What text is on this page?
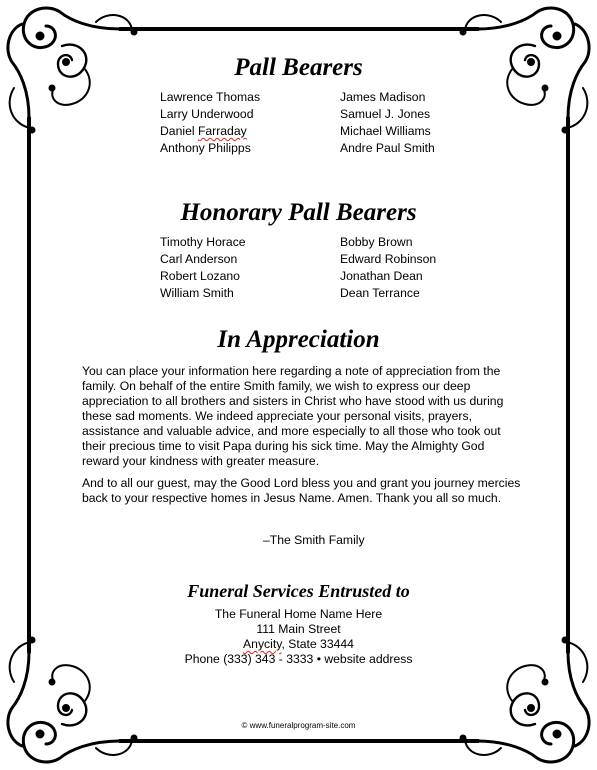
Pall Bearers
Lawrence Thomas
Larry Underwood
Daniel Farraday
Anthony Philipps
James Madison
Samuel J. Jones
Michael Williams
Andre Paul Smith
Honorary Pall Bearers
Timothy Horace
Carl Anderson
Robert Lozano
William Smith
Bobby Brown
Edward Robinson
Jonathan Dean
Dean Terrance
In Appreciation

You can place your information here regarding a note of appreciation from the family. On behalf of the entire Smith family, we wish to express our deep appreciation to all brothers and sisters in Christ who have stood with us during these sad moments. We indeed appreciate your personal visits, prayers, assistance and valuable advice, and more especially to all those who took out their precious time to visit Papa during his sick time. May the Almighty God reward your kindness with greater measure.

And to all our guest, may the Good Lord bless you and grant you journey mercies back to your respective homes in Jesus Name. Amen. Thank you all so much.

–The Smith Family

Funeral Services Entrusted to
The Funeral Home Name Here
111 Main Street
Anycity, State 33444
Phone (333) 343 - 3333 • website address
© www.funeralprogram-site.com
